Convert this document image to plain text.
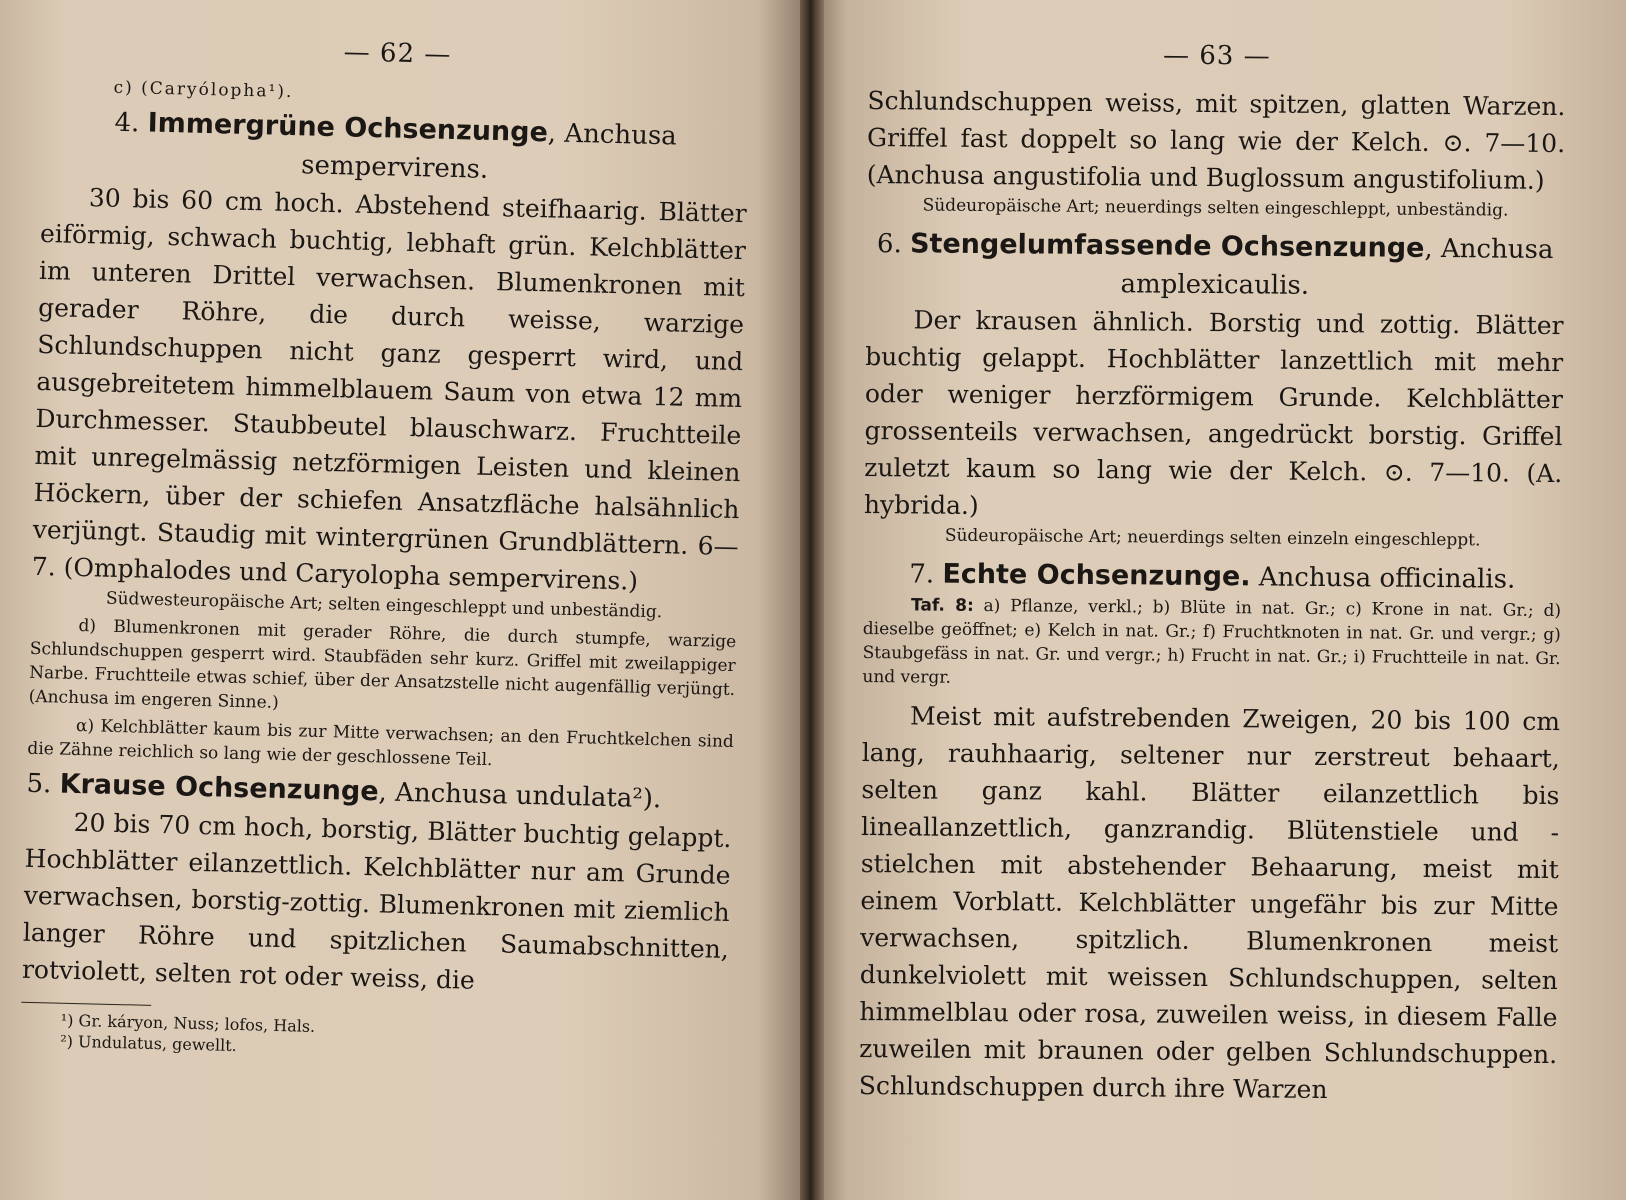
— 62 —
c) (Caryólopha¹).
4. Immergrüne Ochsenzunge, Anchusa sempervirens.
30 bis 60 cm hoch. Abstehend steifhaarig. Blätter eiförmig, schwach buchtig, lebhaft grün. Kelchblätter im unteren Drittel verwachsen. Blumenkronen mit gerader Röhre, die durch weisse, warzige Schlundschuppen nicht ganz gesperrt wird, und ausgebreitetem himmelblauem Saum von etwa 12 mm Durchmesser. Staubbeutel blauschwarz. Fruchtteile mit unregelmässig netzförmigen Leisten und kleinen Höckern, über der schiefen Ansatzfläche halsähnlich verjüngt. Staudig mit wintergrünen Grundblättern. 6—7. (Omphalodes und Caryolopha sempervirens.)
Südwesteuropäische Art; selten eingeschleppt und unbeständig.
d) Blumenkronen mit gerader Röhre, die durch stumpfe, warzige Schlundschuppen gesperrt wird. Staubfäden sehr kurz. Griffel mit zweilappiger Narbe. Fruchtteile etwas schief, über der Ansatzstelle nicht augenfällig verjüngt. (Anchusa im engeren Sinne.)
α) Kelchblätter kaum bis zur Mitte verwachsen; an den Fruchtkelchen sind die Zähne reichlich so lang wie der geschlossene Teil.
5. Krause Ochsenzunge, Anchusa undulata²).
20 bis 70 cm hoch, borstig, Blätter buchtig gelappt. Hochblätter eilanzettlich. Kelchblätter nur am Grunde verwachsen, borstig-zottig. Blumenkronen mit ziemlich langer Röhre und spitzlichen Saumabschnitten, rotviolett, selten rot oder weiss, die
¹) Gr. káryon, Nuss; lofos, Hals.
²) Undulatus, gewellt.
— 63 —
Schlundschuppen weiss, mit spitzen, glatten Warzen. Griffel fast doppelt so lang wie der Kelch. ⊙. 7—10. (Anchusa angustifolia und Buglossum angustifolium.)
Südeuropäische Art; neuerdings selten eingeschleppt, unbeständig.
6. Stengelumfassende Ochsenzunge, Anchusa amplexicaulis.
Der krausen ähnlich. Borstig und zottig. Blätter buchtig gelappt. Hochblätter lanzettlich mit mehr oder weniger herzförmigem Grunde. Kelchblätter grossenteils verwachsen, angedrückt borstig. Griffel zuletzt kaum so lang wie der Kelch. ⊙. 7—10. (A. hybrida.)
Südeuropäische Art; neuerdings selten einzeln eingeschleppt.
7. Echte Ochsenzunge. Anchusa officinalis.
Taf. 8: a) Pflanze, verkl.; b) Blüte in nat. Gr.; c) Krone in nat. Gr.; d) dieselbe geöffnet; e) Kelch in nat. Gr.; f) Fruchtknoten in nat. Gr. und vergr.; g) Staubgefäss in nat. Gr. und vergr.; h) Frucht in nat. Gr.; i) Fruchtteile in nat. Gr. und vergr.
Meist mit aufstrebenden Zweigen, 20 bis 100 cm lang, rauhhaarig, seltener nur zerstreut behaart, selten ganz kahl. Blätter eilanzettlich bis lineallanzettlich, ganzrandig. Blütenstiele und -stielchen mit abstehender Behaarung, meist mit einem Vorblatt. Kelchblätter ungefähr bis zur Mitte verwachsen, spitzlich. Blumenkronen meist dunkelviolett mit weissen Schlundschuppen, selten himmelblau oder rosa, zuweilen weiss, in diesem Falle zuweilen mit braunen oder gelben Schlundschuppen. Schlundschuppen durch ihre Warzen
